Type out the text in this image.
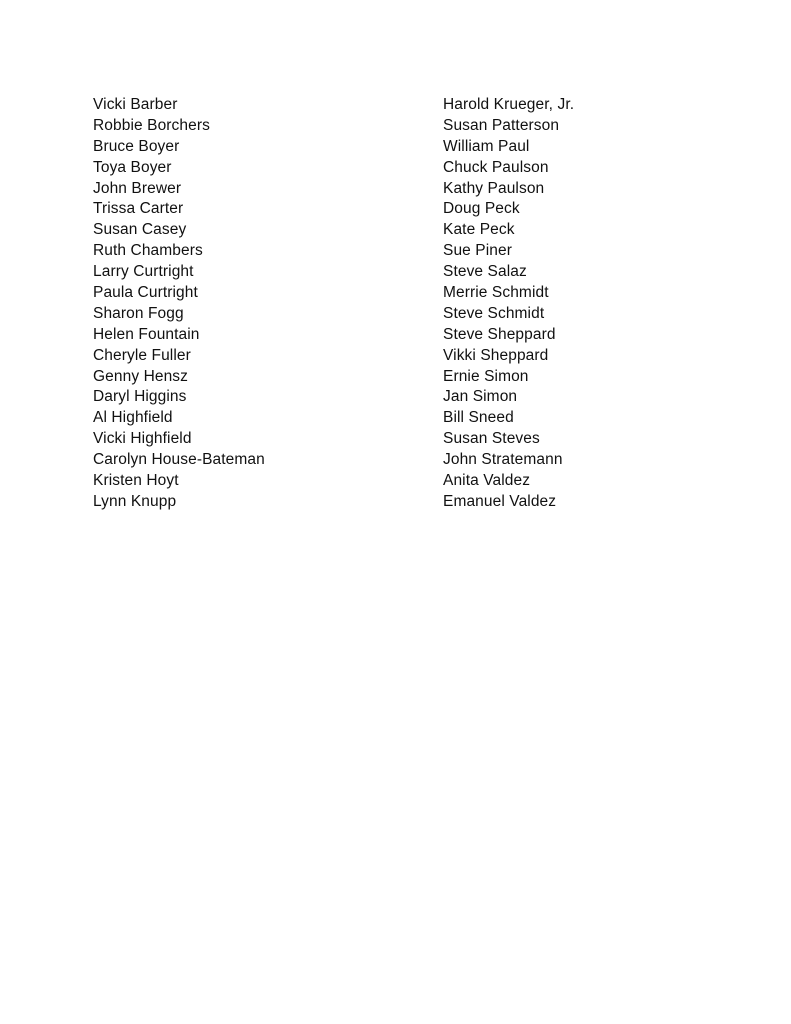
Vicki Barber
Robbie Borchers
Bruce Boyer
Toya Boyer
John Brewer
Trissa Carter
Susan Casey
Ruth Chambers
Larry Curtright
Paula Curtright
Sharon Fogg
Helen Fountain
Cheryle Fuller
Genny Hensz
Daryl Higgins
Al Highfield
Vicki Highfield
Carolyn House-Bateman
Kristen Hoyt
Lynn Knupp
Harold Krueger, Jr.
Susan Patterson
William Paul
Chuck Paulson
Kathy Paulson
Doug Peck
Kate Peck
Sue Piner
Steve Salaz
Merrie Schmidt
Steve Schmidt
Steve Sheppard
Vikki Sheppard
Ernie Simon
Jan Simon
Bill Sneed
Susan Steves
John Stratemann
Anita Valdez
Emanuel Valdez
